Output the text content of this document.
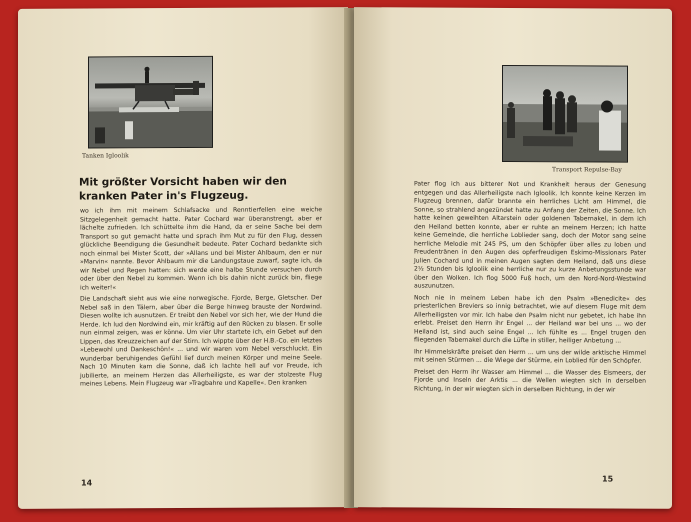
Tanken Igloolik
Mit größter Vorsicht haben wir den kranken Pater in's Flugzeug.

wo ich ihm mit meinem Schlafsacke und Renntierfellen eine weiche Sitzgelegenheit gemacht hatte. Pater Cochard war überanstrengt, aber er lächelte zufrieden. Ich schüttelte ihm die Hand, da er seine Sache bei dem Transport so gut gemacht hatte und sprach ihm Mut zu für den Flug, dessen glückliche Beendigung die Gesundheit bedeute. Pater Cochard bedankte sich noch einmal bei Mister Scott, der »Allans und bei Mister Ahlbaum, den er nur »Marvin« nannte. Bevor Ahlbaum mir die Landungstaue zuwarf, sagte ich, da wir Nebel und Regen hatten: sich werde eine halbe Stunde versuchen durch oder über den Nebel zu kommen. Wenn ich bis dahin nicht zurück bin, fliege ich weiter!«

Die Landschaft sieht aus wie eine norwegische. Fjorde, Berge, Gletscher. Der Nebel saß in den Tälern, aber über die Berge hinweg brauste der Nordwind. Diesen wollte ich ausnutzen. Er treibt den Nebel vor sich her, wie der Hund die Herde. Ich lud den Nordwind ein, mir kräftig auf den Rücken zu blasen. Er solle nun einmal zeigen, was er könne. Um vier Uhr startete ich, ein Gebet auf den Lippen, das Kreuzzeichen auf der Stirn. Ich wippte über der H.B.-Co. ein letztes »Lebewohl und Dankeschön!« ... und wir waren vom Nebel verschluckt. Ein wunderbar beruhigendes Gefühl lief durch meinen Körper und meine Seele. Nach 10 Minuten kam die Sonne, daß ich lachte hell auf vor Freude, ich jubilierte, an meinem Herzen das Allerheiligste, es war der stolzeste Flug meines Lebens. Mein Flugzeug war »Tragbahre und Kapelle«. Den kranken

14
Transport Repulse-Bay

Pater flog ich aus bitterer Not und Krankheit heraus der Genesung entgegen und das Allerheiligste nach Igloolik. Ich konnte keine Kerzen im Flugzeug brennen, dafür brannte ein herrliches Licht am Himmel, die Sonne, so strahlend angezündet hatte zu Anfang der Zeiten, die Sonne. Ich hatte keinen geweihten Altarstein oder goldenen Tabernakel, in dem ich den Heiland betten konnte, aber er ruhte an meinem Herzen; ich hatte keine Gemeinde, die herrliche Loblieder sang, doch der Motor sang seine herrliche Melodie mit 245 PS, um den Schöpfer über alles zu loben und Freudentränen in den Augen des opferfreudigen Eskimo-Missionars Pater Julien Cochard und in meinen Augen sagten dem Heiland, daß uns diese 2½ Stunden bis Igloolik eine herrliche nur zu kurze Anbetungsstunde war über den Wolken. Ich flog 5000 Fuß hoch, um den Nord-Nord-Westwind auszunutzen.

Noch nie in meinem Leben habe ich den Psalm »Benedicite« des priesterlichen Breviers so innig betrachtet, wie auf diesem Fluge mit dem Allerheiligsten vor mir. Ich habe den Psalm nicht nur gebetet, ich habe ihn erlebt. Preiset den Herrn ihr Engel ... der Heiland war bei uns ... wo der Heiland ist, sind auch seine Engel ... Ich fühlte es ... Engel trugen den fliegenden Tabernakel durch die Lüfte in stiller, heiliger Anbetung ...

Ihr Himmelskräfte preiset den Herrn ... um uns der wilde arktische Himmel mit seinen Stürmen ... die Wiege der Stürme, ein Loblied für den Schöpfer.

Preiset den Herrn ihr Wasser am Himmel ... die Wasser des Eismeers, der Fjorde und Inseln der Arktis ... die Wellen wiegten sich in derselben Richtung, in der wir wiegten sich in derselben Richtung, in der wir

15
